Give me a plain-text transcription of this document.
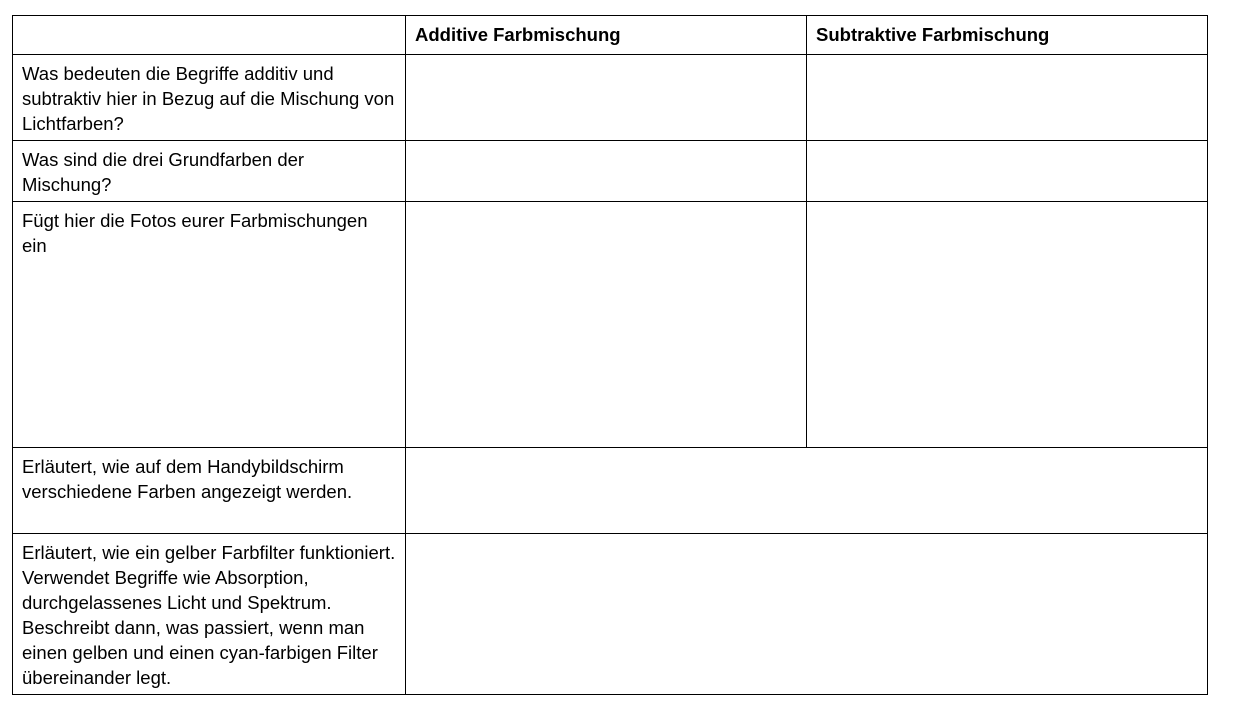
	Additive Farbmischung	Subtraktive Farbmischung
Was bedeuten die Begriffe additiv und subtraktiv hier in Bezug auf die Mischung von Lichtfarben?		
Was sind die drei Grundfarben der Mischung?		
Fügt hier die Fotos eurer Farbmischungen ein		
Erläutert, wie auf dem Handybildschirm verschiedene Farben angezeigt werden.		
Erläutert, wie ein gelber Farbfilter funktioniert. Verwendet Begriffe wie Absorption, durchgelassenes Licht und Spektrum. Beschreibt dann, was passiert, wenn man einen gelben und einen cyan-farbigen Filter übereinander legt.		
